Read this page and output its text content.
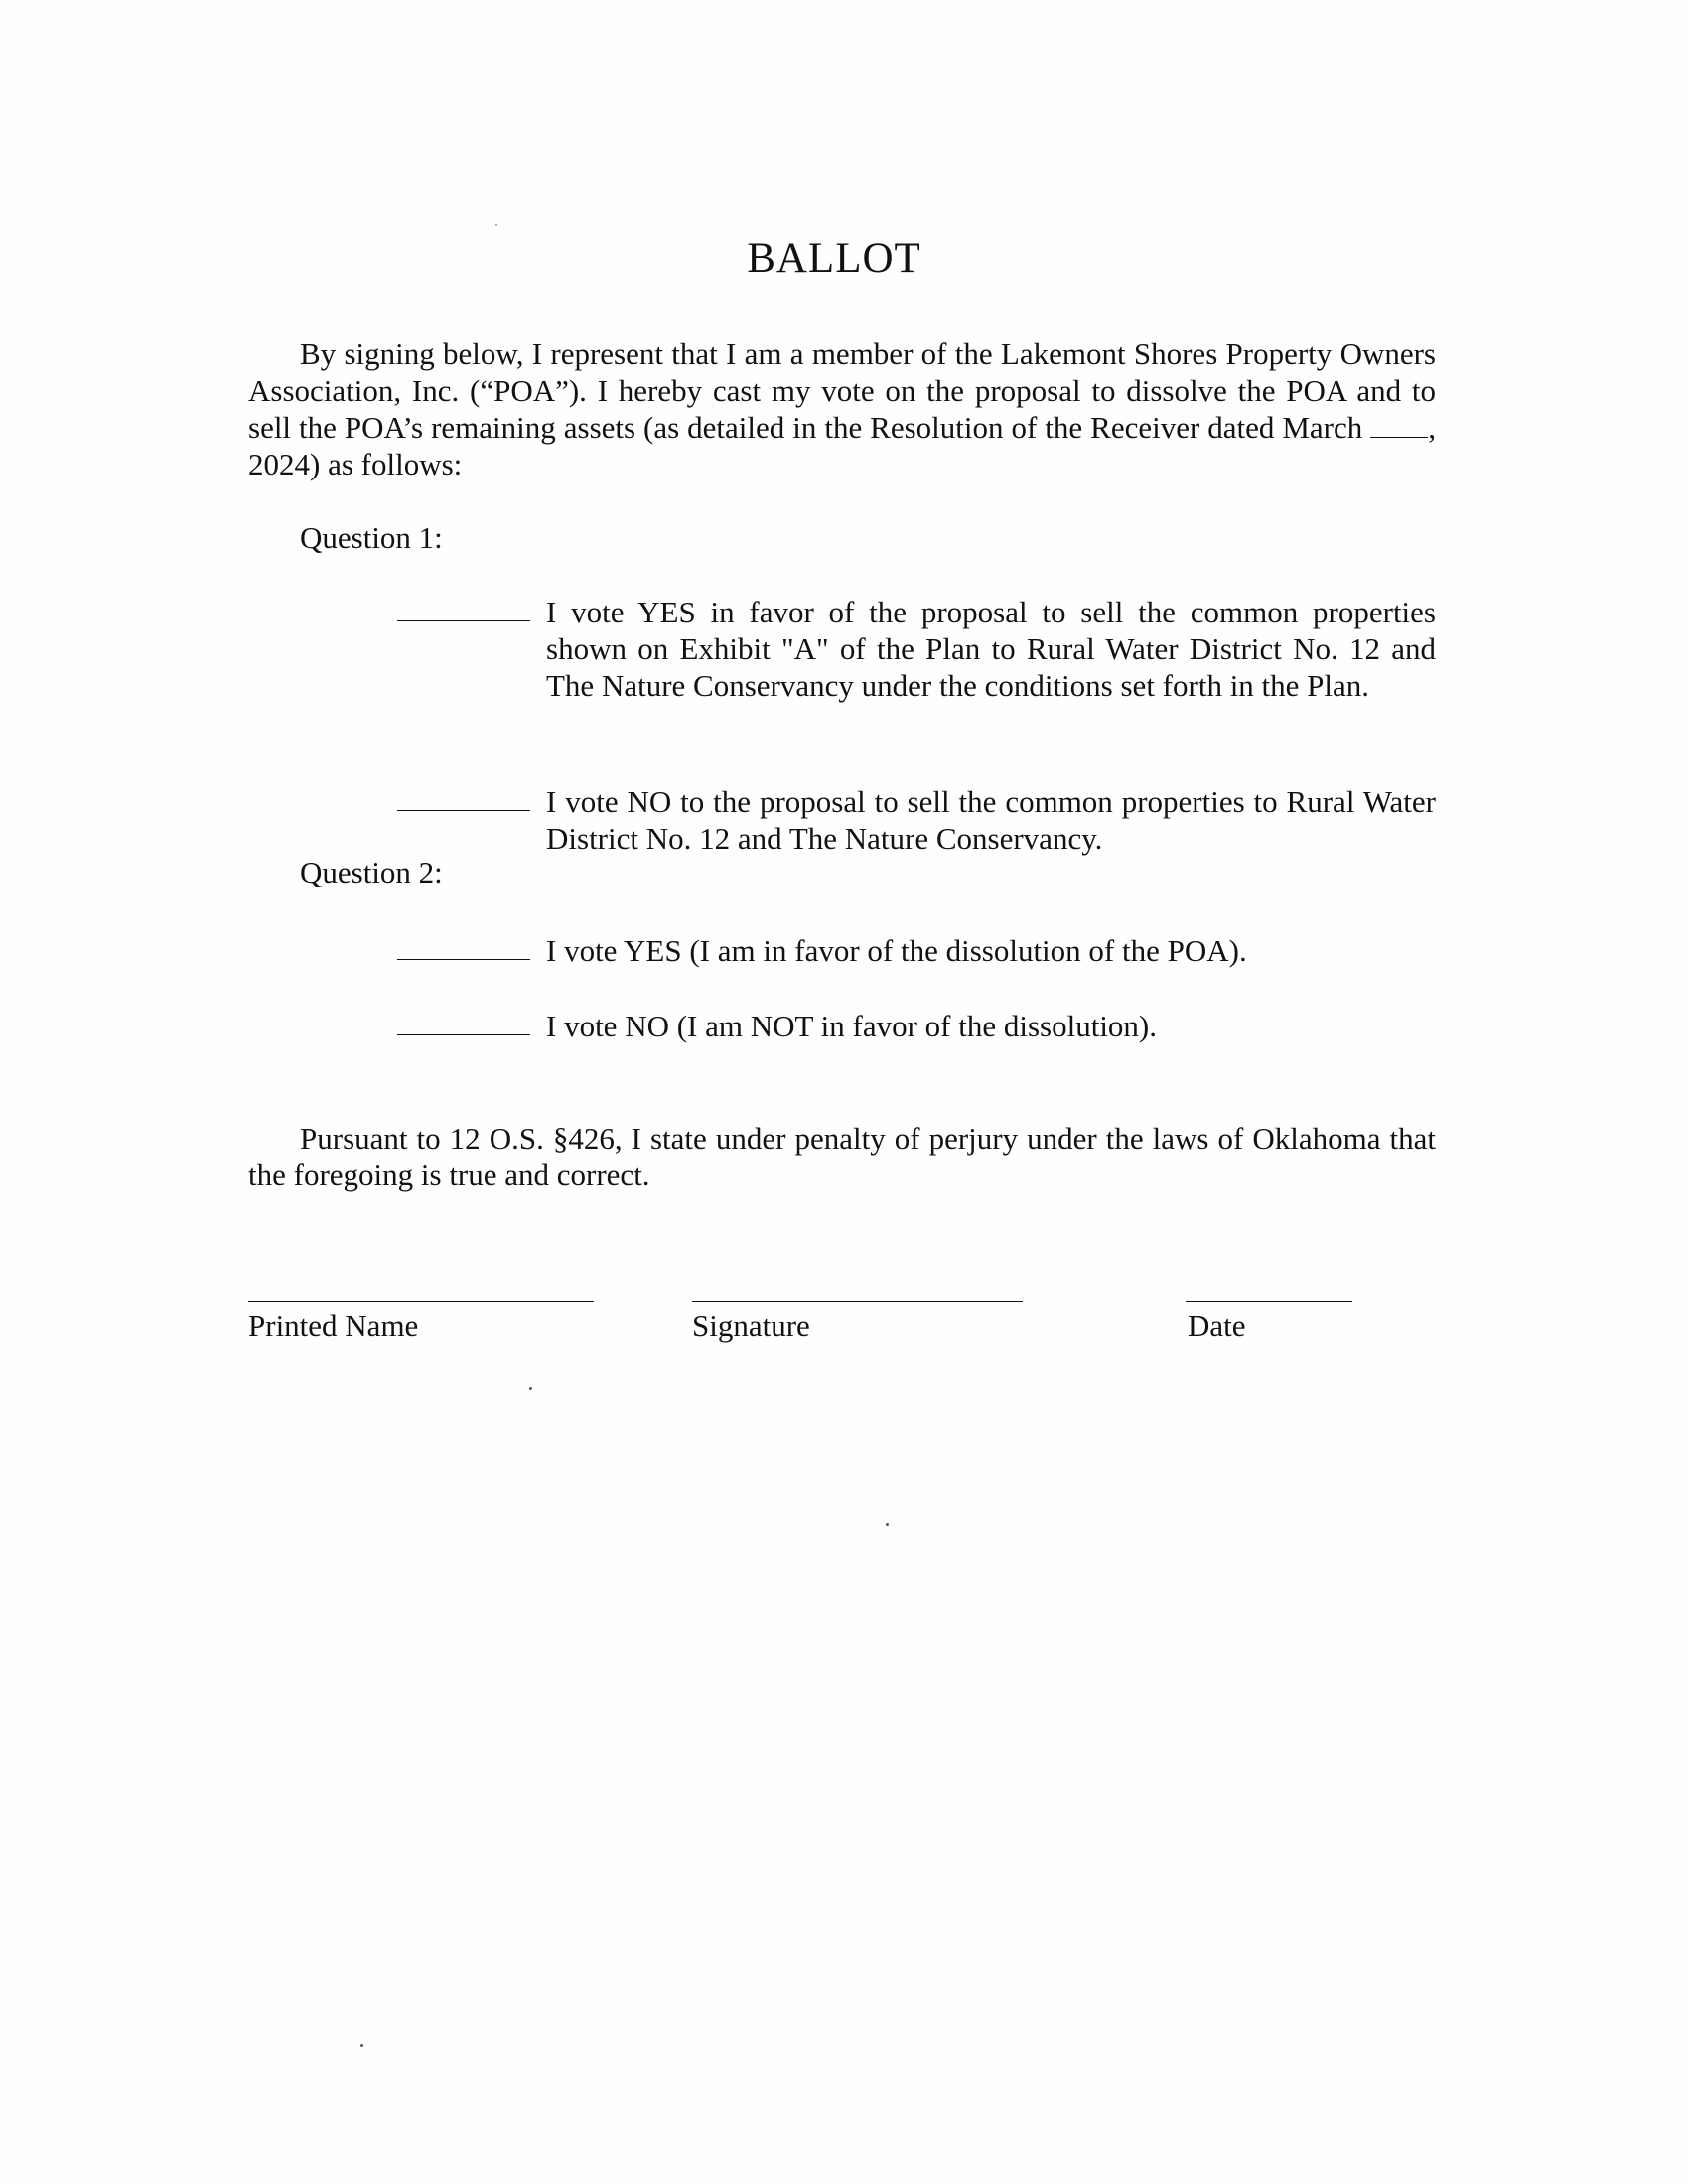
BALLOT

By signing below, I represent that I am a member of the Lakemont Shores Property Owners Association, Inc. (“POA”). I hereby cast my vote on the proposal to dissolve the POA and to sell the POA’s remaining assets (as detailed in the Resolution of the Receiver dated March , 2024) as follows:

Question 1:

I vote YES in favor of the proposal to sell the common properties shown on Exhibit "A" of the Plan to Rural Water District No. 12 and The Nature Conservancy under the conditions set forth in the Plan.

I vote NO to the proposal to sell the common properties to Rural Water District No. 12 and The Nature Conservancy.

Question 2:

I vote YES (I am in favor of the dissolution of the POA).

I vote NO (I am NOT in favor of the dissolution).

Pursuant to 12 O.S. §426, I state under penalty of perjury under the laws of Oklahoma that the foregoing is true and correct.

Printed Name	Signature	Date
